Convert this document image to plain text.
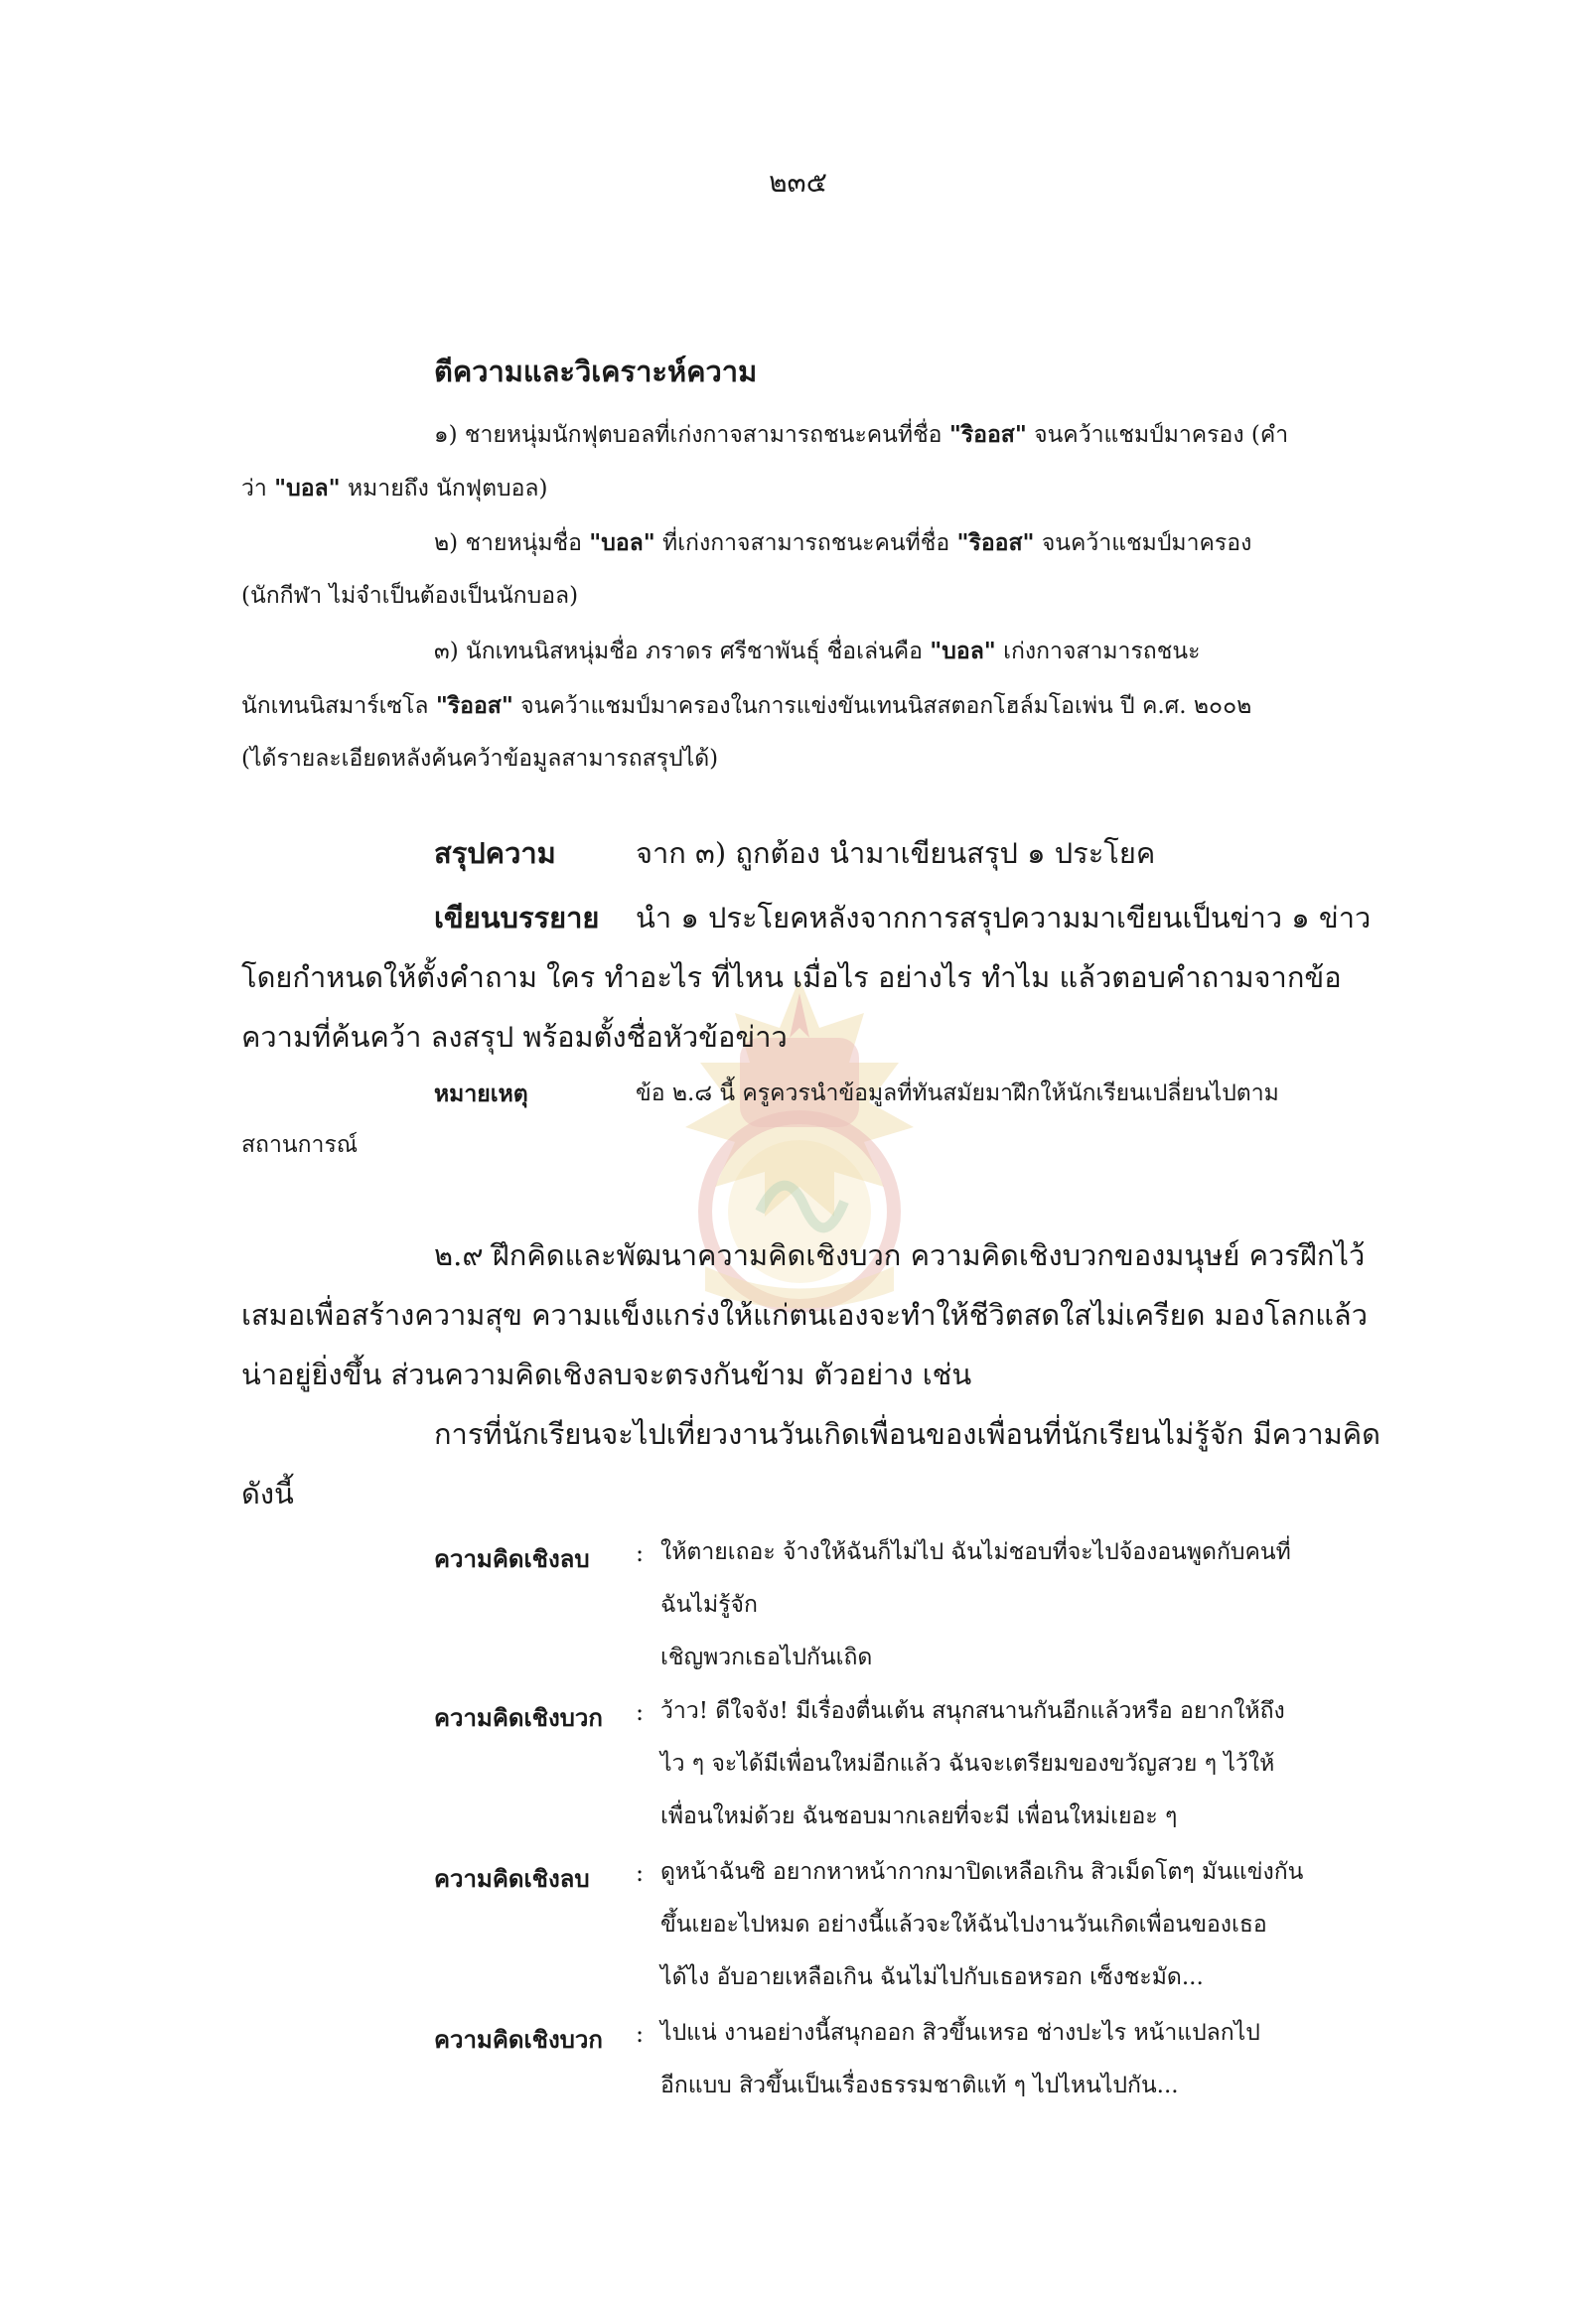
๒๓๕
ตีความและวิเคราะห์ความ
๑) ชายหนุ่มนักฟุตบอลที่เก่งกาจสามารถชนะคนที่ชื่อ "ริออส" จนคว้าแชมป์มาครอง (คำ
ว่า "บอล" หมายถึง นักฟุตบอล)
๒) ชายหนุ่มชื่อ "บอล" ที่เก่งกาจสามารถชนะคนที่ชื่อ "ริออส" จนคว้าแชมป์มาครอง
(นักกีฬา ไม่จำเป็นต้องเป็นนักบอล)
๓) นักเทนนิสหนุ่มชื่อ ภราดร ศรีชาพันธุ์ ชื่อเล่นคือ "บอล" เก่งกาจสามารถชนะ
นักเทนนิสมาร์เซโล "ริออส" จนคว้าแชมป์มาครองในการแข่งขันเทนนิสสตอกโฮล์มโอเพ่น ปี ค.ศ. ๒๐๐๒
(ได้รายละเอียดหลังค้นคว้าข้อมูลสามารถสรุปได้)
สรุปความ	จาก ๓) ถูกต้อง นำมาเขียนสรุป ๑ ประโยค
เขียนบรรยาย นำ ๑ ประโยคหลังจากการสรุปความมาเขียนเป็นข่าว ๑ ข่าว
โดยกำหนดให้ตั้งคำถาม ใคร ทำอะไร ที่ไหน เมื่อไร อย่างไร ทำไม แล้วตอบคำถามจากข้อ
ความที่ค้นคว้า ลงสรุป พร้อมตั้งชื่อหัวข้อข่าว
หมายเหตุ	ข้อ ๒.๘ นี้ ครูควรนำข้อมูลที่ทันสมัยมาฝึกให้นักเรียนเปลี่ยนไปตาม
สถานการณ์
๒.๙ ฝึกคิดและพัฒนาความคิดเชิงบวก ความคิดเชิงบวกของมนุษย์ ควรฝึกไว้
เสมอเพื่อสร้างความสุข ความแข็งแกร่งให้แก่ตนเองจะทำให้ชีวิตสดใสไม่เครียด มองโลกแล้ว
น่าอยู่ยิ่งขึ้น ส่วนความคิดเชิงลบจะตรงกันข้าม ตัวอย่าง เช่น
การที่นักเรียนจะไปเที่ยวงานวันเกิดเพื่อนของเพื่อนที่นักเรียนไม่รู้จัก มีความคิด
ดังนี้
ความคิดเชิงลบ : ให้ตายเถอะ จ้างให้ฉันก็ไม่ไป ฉันไม่ชอบที่จะไปจ้องอนพูดกับคนที่
ฉันไม่รู้จัก
เชิญพวกเธอไปกันเถิด
ความคิดเชิงบวก : ว้าว! ดีใจจัง! มีเรื่องตื่นเต้น สนุกสนานกันอีกแล้วหรือ อยากให้ถึง
ไว ๆ จะได้มีเพื่อนใหม่อีกแล้ว ฉันจะเตรียมของขวัญสวย ๆ ไว้ให้
เพื่อนใหม่ด้วย ฉันชอบมากเลยที่จะมี เพื่อนใหม่เยอะ ๆ
ความคิดเชิงลบ : ดูหน้าฉันซิ อยากหาหน้ากากมาปิดเหลือเกิน สิวเม็ดโตๆ มันแข่งกัน
ขึ้นเยอะไปหมด อย่างนี้แล้วจะให้ฉันไปงานวันเกิดเพื่อนของเธอ
ได้ไง อับอายเหลือเกิน ฉันไม่ไปกับเธอหรอก เซ็งชะมัด...
ความคิดเชิงบวก : ไปแน่ งานอย่างนี้สนุกออก สิวขึ้นเหรอ ช่างปะไร หน้าแปลกไป
อีกแบบ สิวขึ้นเป็นเรื่องธรรมชาติแท้ ๆ ไปไหนไปกัน...
